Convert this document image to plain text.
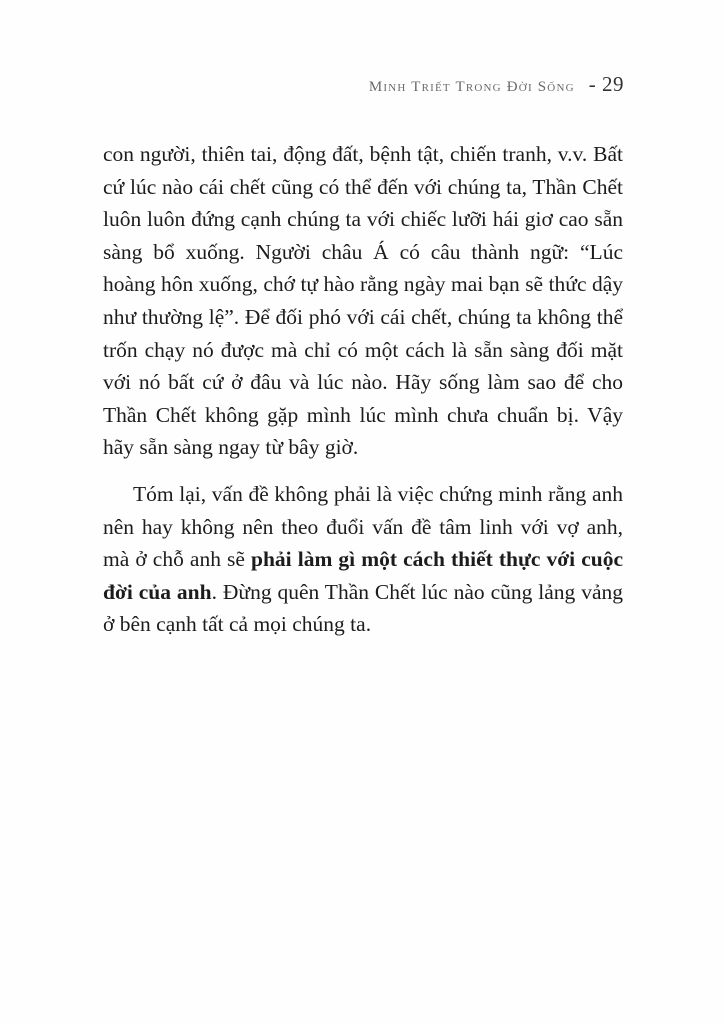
Minh Triết Trong Đời Sống - 29

con người, thiên tai, động đất, bệnh tật, chiến tranh, v.v. Bất cứ lúc nào cái chết cũng có thể đến với chúng ta, Thần Chết luôn luôn đứng cạnh chúng ta với chiếc lưỡi hái giơ cao sẵn sàng bổ xuống. Người châu Á có câu thành ngữ: “Lúc hoàng hôn xuống, chớ tự hào rằng ngày mai bạn sẽ thức dậy như thường lệ”. Để đối phó với cái chết, chúng ta không thể trốn chạy nó được mà chỉ có một cách là sẵn sàng đối mặt với nó bất cứ ở đâu và lúc nào. Hãy sống làm sao để cho Thần Chết không gặp mình lúc mình chưa chuẩn bị. Vậy hãy sẵn sàng ngay từ bây giờ.

Tóm lại, vấn đề không phải là việc chứng minh rằng anh nên hay không nên theo đuổi vấn đề tâm linh với vợ anh, mà ở chỗ anh sẽ phải làm gì một cách thiết thực với cuộc đời của anh. Đừng quên Thần Chết lúc nào cũng lảng vảng ở bên cạnh tất cả mọi chúng ta.
